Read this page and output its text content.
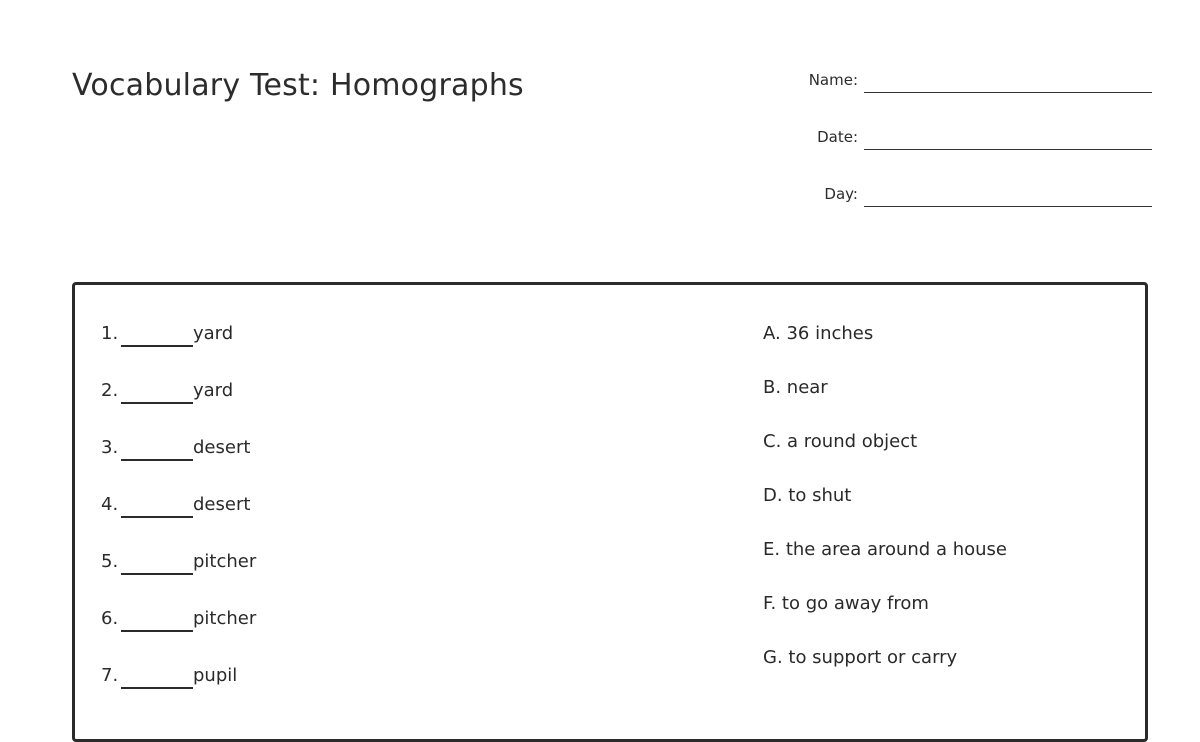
Vocabulary Test: Homographs	Name:
Date:
Day:
1.	yard
2.	yard
3.	desert
4.	desert
5.	pitcher
6.	pitcher
7.	pupil
A. 36 inches
B. near
C. a round object
D. to shut
E. the area around a house
F. to go away from
G. to support or carry
